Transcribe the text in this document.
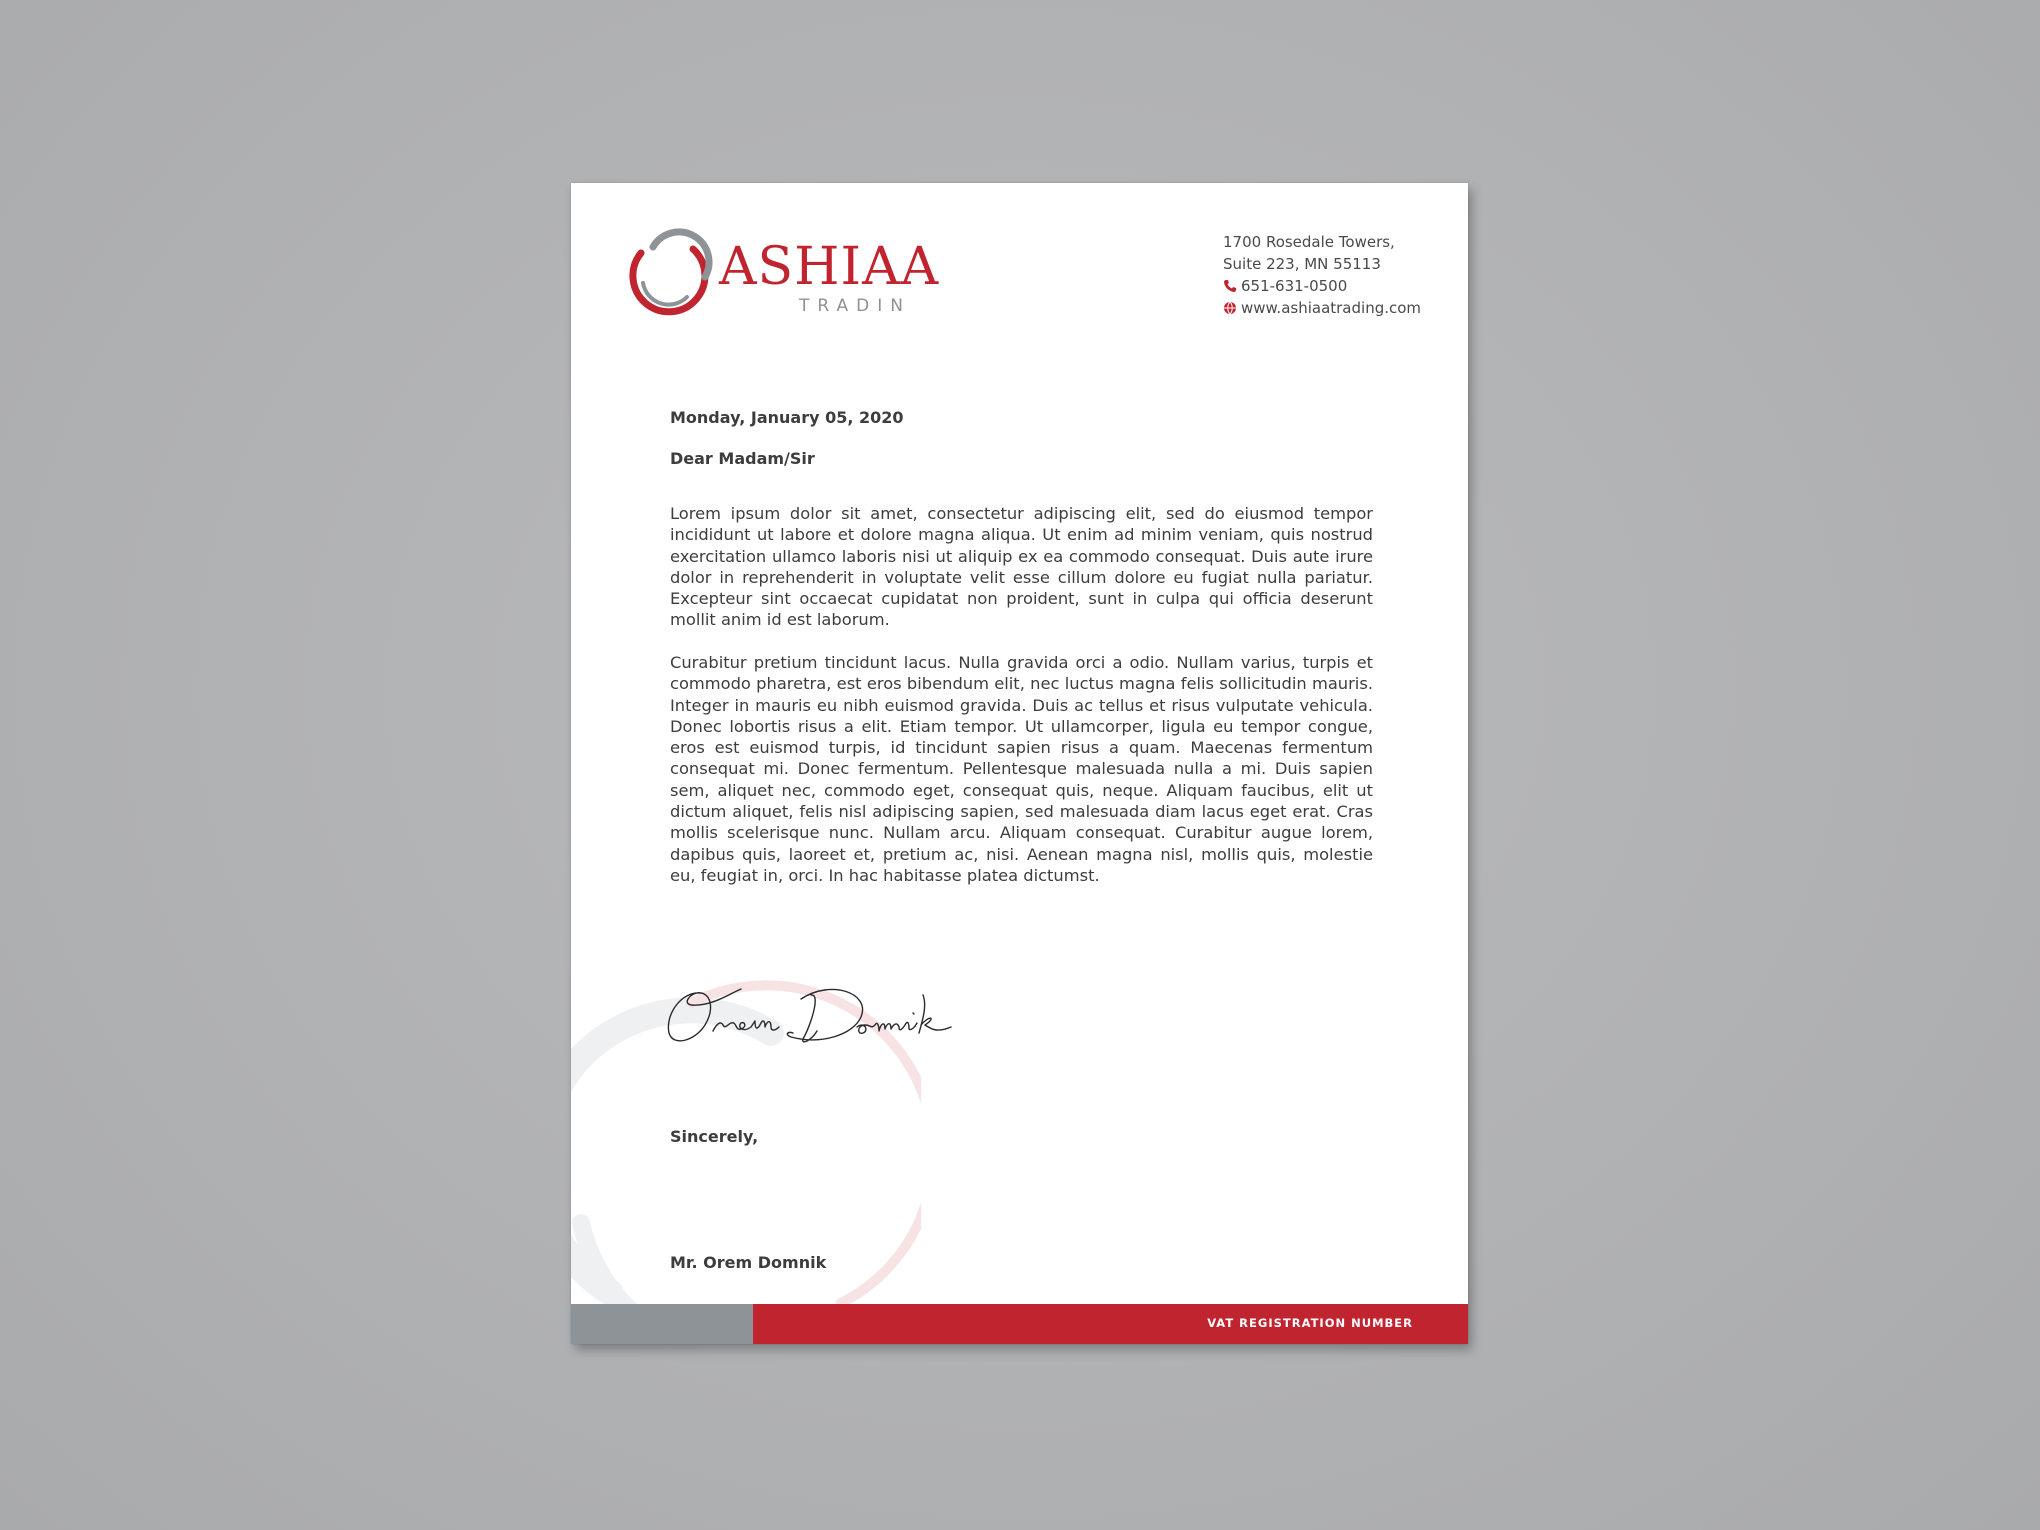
ASHIAA
TRADIN
1700 Rosedale Towers,
Suite 223, MN 55113
651-631-0500
www.ashiaatrading.com
Monday, January 05, 2020
Dear Madam/Sir

Lorem ipsum dolor sit amet, consectetur adipiscing elit, sed do eiusmod tempor incididunt ut labore et dolore magna aliqua. Ut enim ad minim veniam, quis nostrud exercitation ullamco laboris nisi ut aliquip ex ea commodo consequat. Duis aute irure dolor in reprehenderit in voluptate velit esse cillum dolore eu fugiat nulla pariatur. Excepteur sint occaecat cupidatat non proident, sunt in culpa qui officia deserunt mollit anim id est laborum.

Curabitur pretium tincidunt lacus. Nulla gravida orci a odio. Nullam varius, turpis et commodo pharetra, est eros bibendum elit, nec luctus magna felis sollicitudin mauris. Integer in mauris eu nibh euismod gravida. Duis ac tellus et risus vulputate vehicula. Donec lobortis risus a elit. Etiam tempor. Ut ullamcorper, ligula eu tempor congue, eros est euismod turpis, id tincidunt sapien risus a quam. Maecenas fermentum consequat mi. Donec fermentum. Pellentesque malesuada nulla a mi. Duis sapien sem, aliquet nec, commodo eget, consequat quis, neque. Aliquam faucibus, elit ut dictum aliquet, felis nisl adipiscing sapien, sed malesuada diam lacus eget erat. Cras mollis scelerisque nunc. Nullam arcu. Aliquam consequat. Curabitur augue lorem, dapibus quis, laoreet et, pretium ac, nisi. Aenean magna nisl, mollis quis, molestie eu, feugiat in, orci. In hac habitasse platea dictumst.

Sincerely,
Mr. Orem Domnik
VAT REGISTRATION NUMBER
